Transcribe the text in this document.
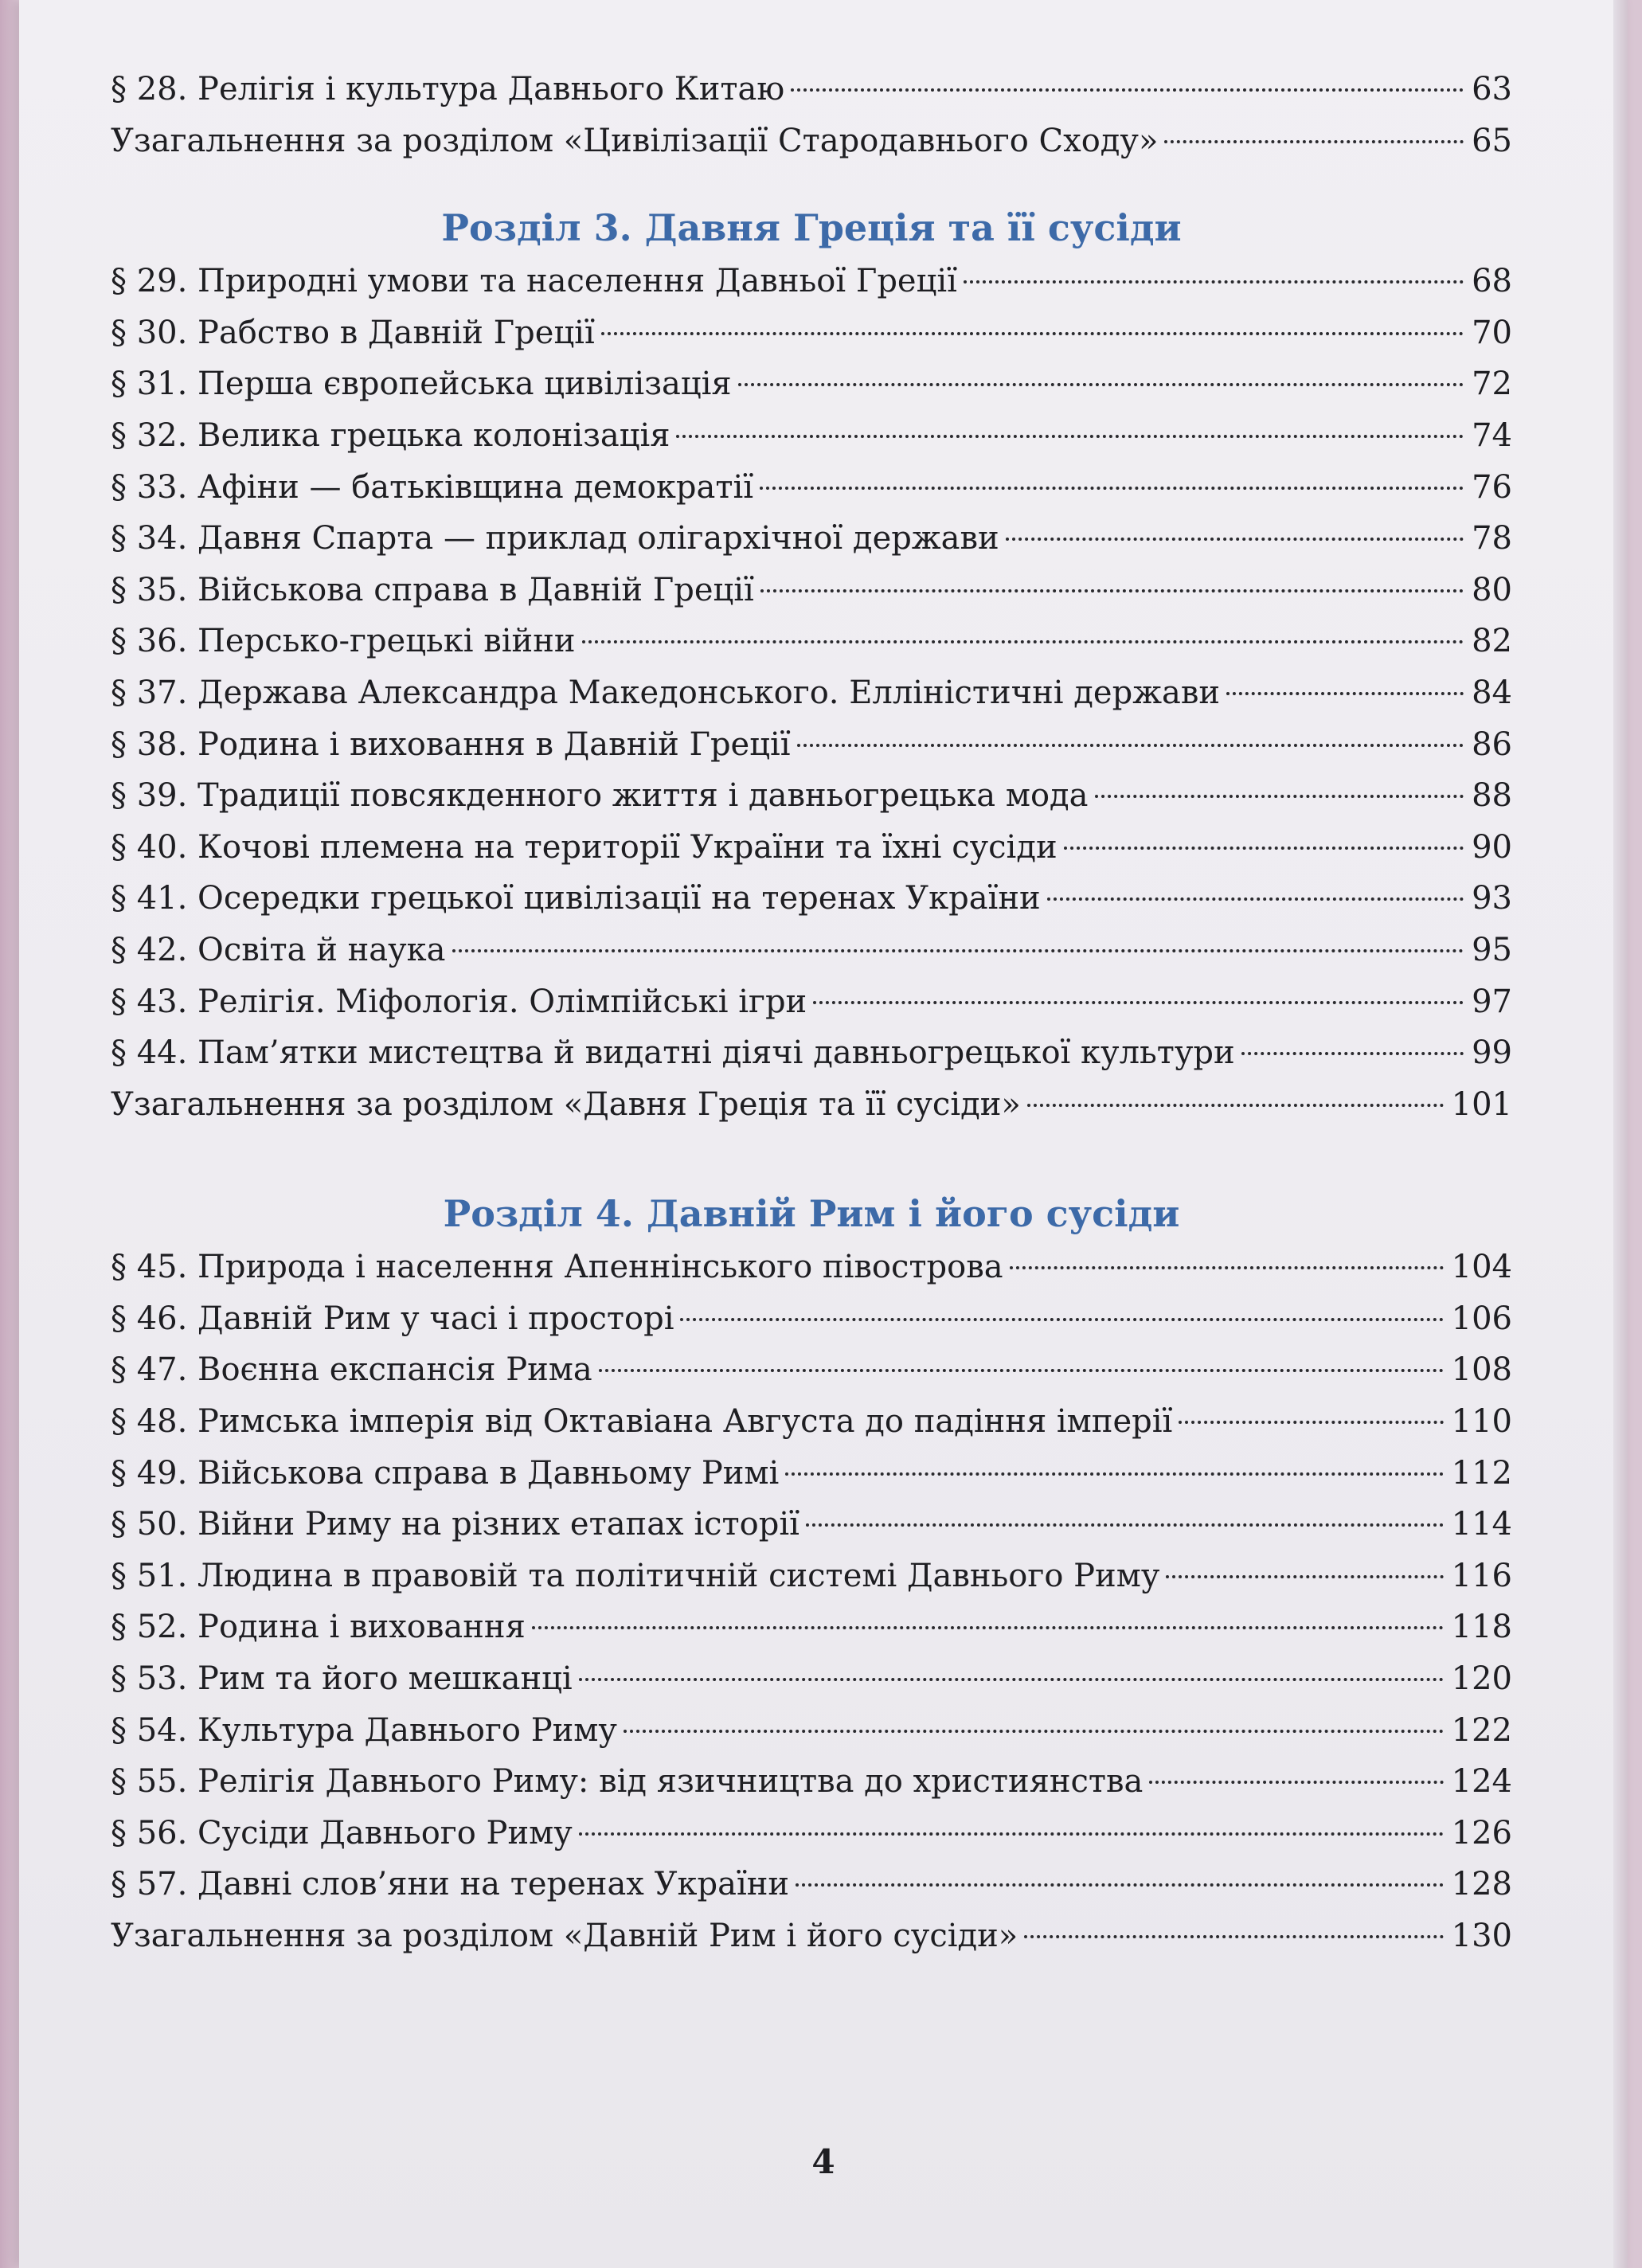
§ 28. Релігія і культура Давнього Китаю	63
Узагальнення за розділом «Цивілізації Стародавнього Сходу»	65
Розділ 3. Давня Греція та її сусіди
§ 29. Природні умови та населення Давньої Греції	68
§ 30. Рабство в Давній Греції	70
§ 31. Перша європейська цивілізація	72
§ 32. Велика грецька колонізація	74
§ 33. Афіни — батьківщина демократії	76
§ 34. Давня Спарта — приклад олігархічної держави	78
§ 35. Військова справа в Давній Греції	80
§ 36. Персько-грецькі війни	82
§ 37. Держава Александра Македонського. Елліністичні держави	84
§ 38. Родина і виховання в Давній Греції	86
§ 39. Традиції повсякденного життя і давньогрецька мода	88
§ 40. Кочові племена на території України та їхні сусіди	90
§ 41. Осередки грецької цивілізації на теренах України	93
§ 42. Освіта й наука	95
§ 43. Релігія. Міфологія. Олімпійські ігри	97
§ 44. Пам’ятки мистецтва й видатні діячі давньогрецької культури	99
Узагальнення за розділом «Давня Греція та її сусіди»	101
Розділ 4. Давній Рим і його сусіди
§ 45. Природа і населення Апеннінського півострова	104
§ 46. Давній Рим у часі і просторі	106
§ 47. Воєнна експансія Рима	108
§ 48. Римська імперія від Октавіана Августа до падіння імперії	110
§ 49. Військова справа в Давньому Римі	112
§ 50. Війни Риму на різних етапах історії	114
§ 51. Людина в правовій та політичній системі Давнього Риму	116
§ 52. Родина і виховання	118
§ 53. Рим та його мешканці	120
§ 54. Культура Давнього Риму	122
§ 55. Релігія Давнього Риму: від язичництва до християнства	124
§ 56. Сусіди Давнього Риму	126
§ 57. Давні слов’яни на теренах України	128
Узагальнення за розділом «Давній Рим і його сусіди»	130
4
